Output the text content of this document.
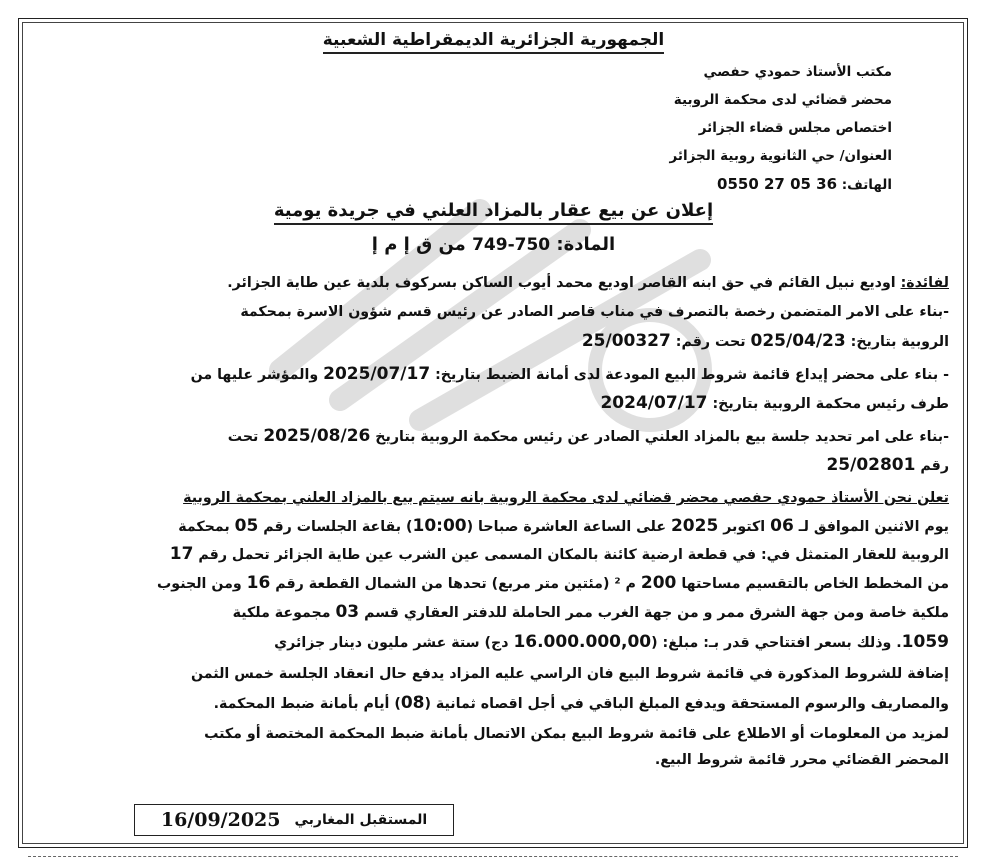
الجمهورية الجزائرية الديمقراطية الشعبية
مكتب الأستاذ حمودي حفصي
محضر قضائي لدى محكمة الروبية
اختصاص مجلس قضاء الجزائر
العنوان/ حي الثانوية روبية الجزائر
الهاتف: 0550 27 05 36
إعلان عن بيع عقار بالمزاد العلني في جريدة يومية
المادة: 749-750 من ق إ م إ
لفائدة: اوديع نبيل القائم في حق ابنه القاصر اوديع محمد أيوب الساكن بسركوف بلدية عين طاية الجزائر.
-بناء على الامر المتضمن رخصة بالتصرف في مناب قاصر الصادر عن رئيس قسم شؤون الاسرة بمحكمة
الروبية بتاريخ: 025/04/23 تحت رقم: 25/00327
- بناء على محضر إيداع قائمة شروط البيع المودعة لدى أمانة الضبط بتاريخ: 2025/07/17 والمؤشر عليها من
طرف رئيس محكمة الروبية بتاريخ: 2024/07/17
-بناء على امر تحديد جلسة بيع بالمزاد العلني الصادر عن رئيس محكمة الروبية بتاريخ 2025/08/26 تحت
رقم 25/02801
تعلن نحن الأستاذ حمودي حفصي محضر قضائي لدى محكمة الروبية بانه سيتم بيع بالمزاد العلني بمحكمة الروبية
يوم الاثنين الموافق لـ 06 اكتوبر 2025 على الساعة العاشرة صباحا (10:00) بقاعة الجلسات رقم 05 بمحكمة
الروبية للعقار المتمثل في: في قطعة ارضية كائنة بالمكان المسمى عين الشرب عين طاية الجزائر تحمل رقم 17
من المخطط الخاص بالتقسيم مساحتها 200 م ² (مئتين متر مربع) تحدها من الشمال القطعة رقم 16 ومن الجنوب
ملكية خاصة ومن جهة الشرق ممر و من جهة الغرب ممر الحاملة للدفتر العقاري قسم 03 مجموعة ملكية
1059. وذلك بسعر افتتاحي قدر بـ: مبلغ: (16.000.000,00 دج) ستة عشر مليون دينار جزائري
إضافة للشروط المذكورة في قائمة شروط البيع فان الراسي عليه المزاد يدفع حال انعقاد الجلسة خمس الثمن
والمصاريف والرسوم المستحقة ويدفع المبلغ الباقي في أجل اقصاه ثمانية (08) أيام بأمانة ضبط المحكمة.
لمزيد من المعلومات أو الاطلاع على قائمة شروط البيع بمكن الاتصال بأمانة ضبط المحكمة المختصة أو مكتب
المحضر القضائي محرر قائمة شروط البيع.
المستقبل المغاربي
16/09/2025
